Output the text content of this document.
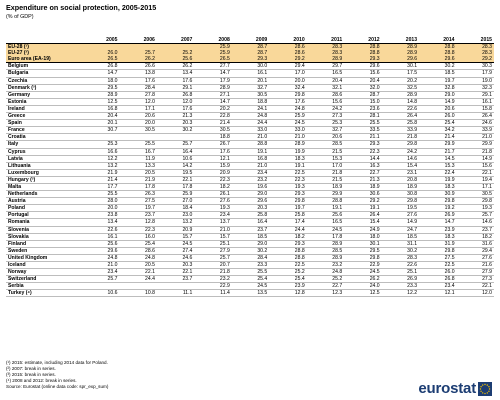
Expenditure on social protection, 2005-2015
(% of GDP)
	2005	2006	2007	2008	2009	2010	2011	2012	2013	2014	2015
EU-28 (¹)				25.9	28.7	28.6	28.3	28.8	28.9	28.8	28.3
EU-27 (²)	26.0	25.7	25.2	25.9	28.7	28.6	28.3	28.8	28.9	28.8	28.3
Euro area (EA-19)	26.5	26.2	25.6	26.5	29.3	29.2	28.9	29.3	29.6	29.6	29.2
Belgium	26.8	26.6	26.2	27.7	30.0	29.4	29.7	29.6	30.1	30.2	30.3
Bulgaria	14.7	13.8	13.4	14.7	16.1	17.0	16.5	15.6	17.5	18.5	17.9
Czechia	18.0	17.6	17.6	17.9	20.1	20.0	20.4	20.4	20.2	19.7	19.0
Denmark (³)	29.5	28.4	29.1	28.9	32.7	32.4	32.1	32.0	32.5	32.8	32.3
Germany	28.9	27.8	26.8	27.1	30.5	29.8	28.6	28.7	28.9	29.0	29.1
Estonia	12.5	12.0	12.0	14.7	18.8	17.6	15.6	15.0	14.8	14.9	16.1
Ireland	16.8	17.1	17.6	20.2	24.1	24.8	24.2	23.6	22.6	20.6	15.8
Greece	20.4	20.6	21.3	22.8	24.8	25.9	27.3	28.1	26.4	26.0	26.4
Spain	20.1	20.0	20.3	21.4	24.4	24.5	25.3	25.5	25.8	25.4	24.6
France	30.7	30.5	30.2	30.5	33.0	33.0	32.7	33.5	33.9	34.2	33.9
Croatia				18.8	21.0	21.0	20.6	21.1	21.8	21.4	21.0
Italy	25.3	25.5	25.7	26.7	28.8	28.9	28.5	29.3	29.8	29.9	29.9
Cyprus	16.6	16.7	16.4	17.6	19.1	19.9	21.5	22.3	24.2	21.7	21.8
Latvia	12.2	11.9	10.6	12.1	16.8	18.3	15.3	14.4	14.6	14.5	14.9
Lithuania	13.2	13.3	14.2	15.9	21.0	19.1	17.0	16.3	15.4	15.3	15.6
Luxembourg	21.9	20.5	19.5	20.9	23.4	22.5	21.8	22.7	23.1	22.4	22.1
Hungary (³)	21.4	21.9	22.1	22.3	23.2	22.3	21.5	21.3	20.8	19.9	19.4
Malta	17.7	17.8	17.8	18.2	19.6	19.3	18.9	18.9	18.9	18.3	17.1
Netherlands	25.5	26.3	25.9	26.1	29.0	29.3	29.9	30.6	30.8	30.9	30.5
Austria	28.0	27.5	27.0	27.6	29.6	29.8	28.8	29.2	29.8	29.8	29.8
Poland	20.0	19.7	18.4	19.3	20.3	19.7	19.1	19.1	19.5	19.2	19.3
Portugal	23.8	23.7	23.0	23.4	25.8	25.8	25.6	26.4	27.6	26.9	25.7
Romania	13.4	12.8	13.2	13.7	16.4	17.4	16.5	15.4	14.9	14.7	14.6
Slovenia	22.6	22.3	20.9	21.0	23.7	24.4	24.5	24.9	24.7	23.9	23.7
Slovakia	16.1	16.0	15.7	15.7	18.5	18.2	17.8	18.0	18.5	18.3	18.2
Finland	25.6	25.4	24.5	25.1	29.0	29.3	28.9	30.1	31.1	31.9	31.6
Sweden	29.6	28.6	27.4	27.9	30.2	28.8	28.5	29.5	30.2	29.8	29.4
United Kingdom	24.8	24.8	24.6	25.7	28.4	28.8	28.9	29.8	28.3	27.5	27.6
Iceland	21.0	20.5	20.3	20.7	23.3	22.5	23.2	22.9	22.6	22.5	21.6
Norway	23.4	22.1	22.1	21.8	25.5	25.2	24.8	24.5	25.1	26.0	27.9
Switzerland	25.7	24.4	23.7	23.2	25.4	25.4	25.2	26.2	26.9	26.8	27.3
Serbia				22.9	24.5	23.9	22.7	24.0	23.3	23.4	22.1
Turkey (⁴)	10.6	10.8	11.1	11.4	13.5	12.8	12.3	12.5	12.2	12.1	12.0
(¹) 2015: estimate, including 2014 data for Poland.
(²) 2007: break in series.
(³) 2015: break in series.
(⁴) 2008 and 2012: break in series.
Source: Eurostat (online data code: spr_exp_sum)	eurostat
